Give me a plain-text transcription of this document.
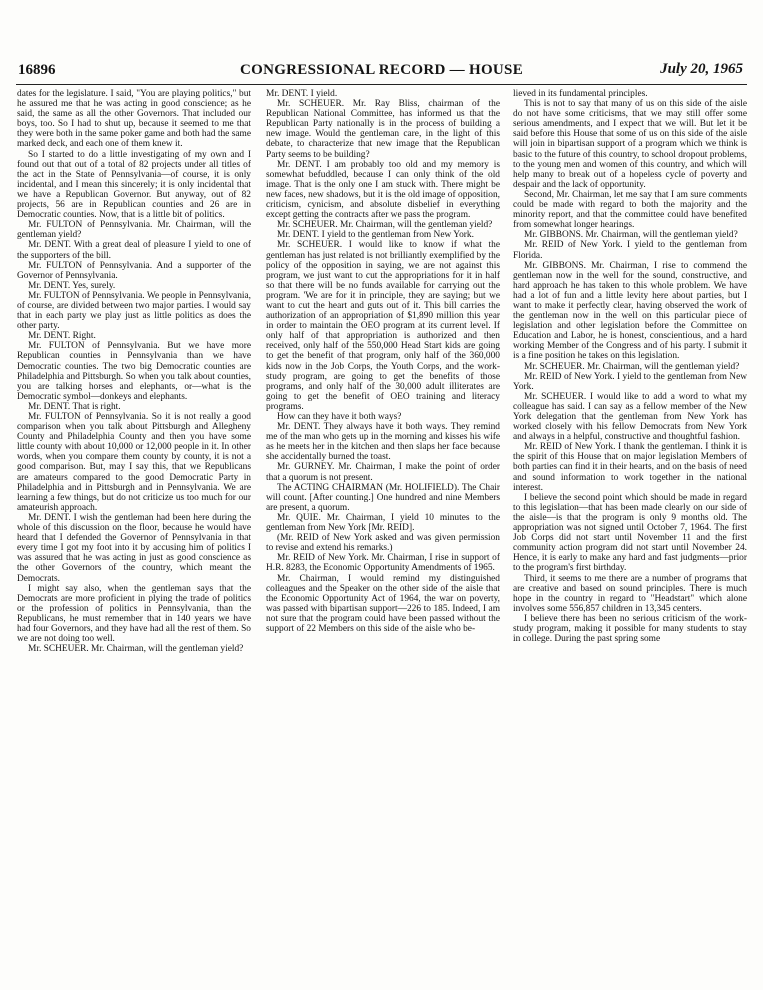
16896	CONGRESSIONAL RECORD — HOUSE	July 20, 1965

dates for the legislature. I said, "You are playing politics," but he assured me that he was acting in good conscience; as he said, the same as all the other Governors. That included our boys, too. So I had to shut up, because it seemed to me that they were both in the same poker game and both had the same marked deck, and each one of them knew it.

So I started to do a little investigating of my own and I found out that out of a total of 82 projects under all titles of the act in the State of Pennsylvania—of course, it is only incidental, and I mean this sincerely; it is only incidental that we have a Republican Governor. But anyway, out of 82 projects, 56 are in Republican counties and 26 are in Democratic counties. Now, that is a little bit of politics.

Mr. FULTON of Pennsylvania. Mr. Chairman, will the gentleman yield?

Mr. DENT. With a great deal of pleasure I yield to one of the supporters of the bill.

Mr. FULTON of Pennsylvania. And a supporter of the Governor of Pennsylvania.

Mr. DENT. Yes, surely.

Mr. FULTON of Pennsylvania. We people in Pennsylvania, of course, are divided between two major parties. I would say that in each party we play just as little politics as does the other party.

Mr. DENT. Right.

Mr. FULTON of Pennsylvania. But we have more Republican counties in Pennsylvania than we have Democratic counties. The two big Democratic counties are Philadelphia and Pittsburgh. So when you talk about counties, you are talking horses and elephants, or—what is the Democratic symbol—donkeys and elephants.

Mr. DENT. That is right.

Mr. FULTON of Pennsylvania. So it is not really a good comparison when you talk about Pittsburgh and Allegheny County and Philadelphia County and then you have some little county with about 10,000 or 12,000 people in it. In other words, when you compare them county by county, it is not a good comparison. But, may I say this, that we Republicans are amateurs compared to the good Democratic Party in Philadelphia and in Pittsburgh and in Pennsylvania. We are learning a few things, but do not criticize us too much for our amateurish approach.

Mr. DENT. I wish the gentleman had been here during the whole of this discussion on the floor, because he would have heard that I defended the Governor of Pennsylvania in that every time I got my foot into it by accusing him of politics I was assured that he was acting in just as good conscience as the other Governors of the country, which meant the Democrats.

I might say also, when the gentleman says that the Democrats are more proficient in plying the trade of politics or the profession of politics in Pennsylvania, than the Republicans, he must remember that in 140 years we have had four Governors, and they have had all the rest of them. So we are not doing too well.

Mr. SCHEUER. Mr. Chairman, will the gentleman yield?

Mr. DENT. I yield.

Mr. SCHEUER. Mr. Ray Bliss, chairman of the Republican National Committee, has informed us that the Republican Party nationally is in the process of building a new image. Would the gentleman care, in the light of this debate, to characterize that new image that the Republican Party seems to be building?

Mr. DENT. I am probably too old and my memory is somewhat befuddled, because I can only think of the old image. That is the only one I am stuck with. There might be new faces, new shadows, but it is the old image of opposition, criticism, cynicism, and absolute disbelief in everything except getting the contracts after we pass the program.

Mr. SCHEUER. Mr. Chairman, will the gentleman yield?

Mr. DENT. I yield to the gentleman from New York.

Mr. SCHEUER. I would like to know if what the gentleman has just related is not brilliantly exemplified by the policy of the opposition in saying, we are not against this program, we just want to cut the appropriations for it in half so that there will be no funds available for carrying out the program. 'We are for it in principle, they are saying; but we want to cut the heart and guts out of it. This bill carries the authorization of an appropriation of $1,890 million this year in order to maintain the OEO program at its current level. If only half of that appropriation is authorized and then received, only half of the 550,000 Head Start kids are going to get the benefit of that program, only half of the 360,000 kids now in the Job Corps, the Youth Corps, and the work-study program, are going to get the benefits of those programs, and only half of the 30,000 adult illiterates are going to get the benefit of OEO training and literacy programs.

How can they have it both ways?

Mr. DENT. They always have it both ways. They remind me of the man who gets up in the morning and kisses his wife as he meets her in the kitchen and then slaps her face because she accidentally burned the toast.

Mr. GURNEY. Mr. Chairman, I make the point of order that a quorum is not present.

The ACTING CHAIRMAN (Mr. HOLIFIELD). The Chair will count. [After counting.] One hundred and nine Members are present, a quorum.

Mr. QUIE. Mr. Chairman, I yield 10 minutes to the gentleman from New York [Mr. REID].

(Mr. REID of New York asked and was given permission to revise and extend his remarks.)

Mr. REID of New York. Mr. Chairman, I rise in support of H.R. 8283, the Economic Opportunity Amendments of 1965.

Mr. Chairman, I would remind my distinguished colleagues and the Speaker on the other side of the aisle that the Economic Opportunity Act of 1964, the war on poverty, was passed with bipartisan support—226 to 185. Indeed, I am not sure that the program could have been passed without the support of 22 Members on this side of the aisle who be-

lieved in its fundamental principles.

This is not to say that many of us on this side of the aisle do not have some criticisms, that we may still offer some serious amendments, and I expect that we will. But let it be said before this House that some of us on this side of the aisle will join in bipartisan support of a program which we think is basic to the future of this country, to school dropout problems, to the young men and women of this country, and which will help many to break out of a hopeless cycle of poverty and despair and the lack of opportunity.

Second, Mr. Chairman, let me say that I am sure comments could be made with regard to both the majority and the minority report, and that the committee could have benefited from somewhat longer hearings.

Mr. GIBBONS. Mr. Chairman, will the gentleman yield?

Mr. REID of New York. I yield to the gentleman from Florida.

Mr. GIBBONS. Mr. Chairman, I rise to commend the gentleman now in the well for the sound, constructive, and hard approach he has taken to this whole problem. We have had a lot of fun and a little levity here about parties, but I want to make it perfectly clear, having observed the work of the gentleman now in the well on this particular piece of legislation and other legislation before the Committee on Education and Labor, he is honest, conscientious, and a hard working Member of the Congress and of his party. I submit it is a fine position he takes on this legislation.

Mr. SCHEUER. Mr. Chairman, will the gentleman yield?

Mr. REID of New York. I yield to the gentleman from New York.

Mr. SCHEUER. I would like to add a word to what my colleague has said. I can say as a fellow member of the New York delegation that the gentleman from New York has worked closely with his fellow Democrats from New York and always in a helpful, constructive and thoughtful fashion.

Mr. REID of New York. I thank the gentleman. I think it is the spirit of this House that on major legislation Members of both parties can find it in their hearts, and on the basis of need and sound information to work together in the national interest.

I believe the second point which should be made in regard to this legislation—that has been made clearly on our side of the aisle—is that the program is only 9 months old. The appropriation was not signed until October 7, 1964. The first Job Corps did not start until November 11 and the first community action program did not start until November 24. Hence, it is early to make any hard and fast judgments—prior to the program's first birthday.

Third, it seems to me there are a number of programs that are creative and based on sound principles. There is much hope in the country in regard to "Headstart" which alone involves some 556,857 children in 13,345 centers.

I believe there has been no serious criticism of the work-study program, making it possible for many students to stay in college. During the past spring some
